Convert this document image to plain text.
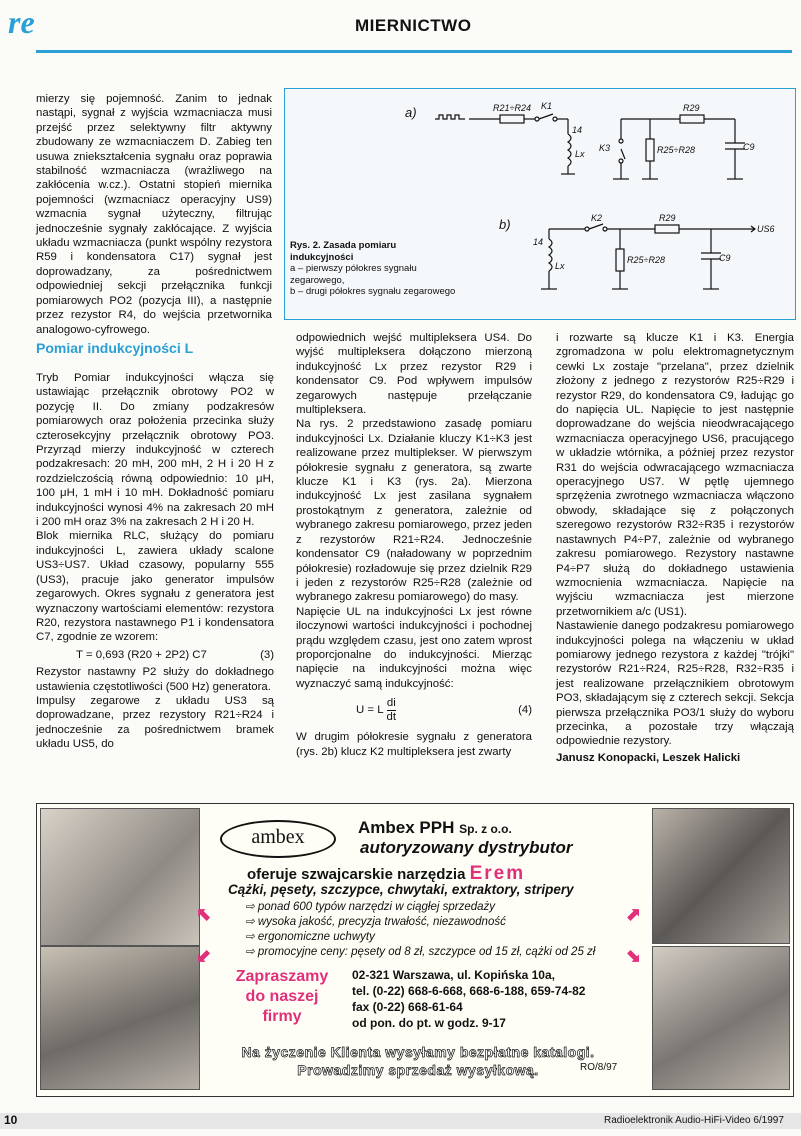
re	MIERNICTWO

mierzy się pojemność. Zanim to jednak nastąpi, sygnał z wyjścia wzmacniacza musi przejść przez selektywny filtr aktywny zbudowany ze wzmacniaczem D. Zabieg ten usuwa zniekształcenia sygnału oraz poprawia stabilność wzmacniacza (wrażliwego na zakłócenia w.cz.). Ostatni stopień miernika pojemności (wzmacniacz operacyjny US9) wzmacnia sygnał użyteczny, filtrując jednocześnie sygnały zakłócające. Z wyjścia układu wzmacniacza (punkt wspólny rezystora R59 i kondensatora C17) sygnał jest doprowadzany, za pośrednictwem odpowiedniej sekcji przełącznika funkcji pomiarowych PO2 (pozycja III), a następnie przez rezystor R4, do wejścia przetwornika analogowo-cyfrowego.

Pomiar indukcyjności L

Tryb Pomiar indukcyjności włącza się ustawiając przełącznik obrotowy PO2 w pozycję II. Do zmiany podzakresów pomiarowych oraz położenia przecinka służy czterosekcyjny przełącznik obrotowy PO3. Przyrząd mierzy indukcyjność w czterech podzakresach: 20 mH, 200 mH, 2 H i 20 H z rozdzielczością równą odpowiednio: 10 μH, 100 μH, 1 mH i 10 mH. Dokładność pomiaru indukcyjności wynosi 4% na zakresach 20 mH i 200 mH oraz 3% na zakresach 2 H i 20 H.

Blok miernika RLC, służący do pomiaru indukcyjności L, zawiera układy scalone US3÷US7. Układ czasowy, popularny 555 (US3), pracuje jako generator impulsów zegarowych. Okres sygnału z generatora jest wyznaczony wartościami elementów: rezystora R20, rezystora nastawnego P1 i kondensatora C7, zgodnie ze wzorem:

T = 0,693 (R20 + 2P2) C7	(3)

Rezystor nastawny P2 służy do dokładnego ustawienia częstotliwości (500 Hz) generatora.

Impulsy zegarowe z układu US3 są doprowadzane, przez rezystory R21÷R24 i jednocześnie za pośrednictwem bramek układu US5, do

odpowiednich wejść multipleksera US4. Do wyjść multipleksera dołączono mierzoną indukcyjność Lx przez rezystor R29 i kondensator C9. Pod wpływem impulsów zegarowych następuje przełączanie multipleksera.

Na rys. 2 przedstawiono zasadę pomiaru indukcyjności Lx. Działanie kluczy K1÷K3 jest realizowane przez multiplekser. W pierwszym półokresie sygnału z generatora, są zwarte klucze K1 i K3 (rys. 2a). Mierzona indukcyjność Lx jest zasilana sygnałem prostokątnym z generatora, zależnie od wybranego zakresu pomiarowego, przez jeden z rezystorów R21÷R24. Jednocześnie kondensator C9 (naładowany w poprzednim półokresie) rozładowuje się przez dzielnik R29 i jeden z rezystorów R25÷R28 (zależnie od wybranego zakresu pomiarowego) do masy.

Napięcie UL na indukcyjności Lx jest równe iloczynowi wartości indukcyjności i pochodnej prądu względem czasu, jest ono zatem wprost proporcjonalne do indukcyjności. Mierząc napięcie na indukcyjności można więc wyznaczyć samą indukcyjność:

U = L $\frac{di}{dt}$	(4)

W drugim półokresie sygnału z generatora (rys. 2b) klucz K2 multipleksera jest zwarty

i rozwarte są klucze K1 i K3. Energia zgromadzona w polu elektromagnetycznym cewki Lx zostaje "przelana", przez dzielnik złożony z jednego z rezystorów R25÷R29 i rezystor R29, do kondensatora C9, ładując go do napięcia UL. Napięcie to jest następnie doprowadzane do wejścia nieodwracającego wzmacniacza operacyjnego US6, pracującego w układzie wtórnika, a później przez rezystor R31 do wejścia odwracającego wzmacniacza operacyjnego US7. W pętlę ujemnego sprzężenia zwrotnego wzmacniacza włączono obwody, składające się z połączonych szeregowo rezystorów R32÷R35 i rezystorów nastawnych P4÷P7, zależnie od wybranego zakresu pomiarowego. Rezystory nastawne P4÷P7 służą do dokładnego ustawienia wzmocnienia wzmacniacza. Napięcie na wyjściu wzmacniacza jest mierzone przetwornikiem a/c (US1).

Nastawienie danego podzakresu pomiarowego indukcyjności polega na włączeniu w układ pomiarowy jednego rezystora z każdej "trójki" rezystorów R21÷R24, R25÷R28, R32÷R35 i jest realizowane przełącznikiem obrotowym PO3, składającym się z czterech sekcji. Sekcja pierwsza przełącznika PO3/1 służy do wyboru przecinka, a pozostałe trzy włączają odpowiednie rezystory.

Janusz Konopacki, Leszek Halicki

a)	R21÷R24 K1	R29
14
Lx
K3	R25÷R28	C9
b)	K2	R29
US6
14
Lx
R25÷R28	C9
Rys. 2. Zasada pomiaru indukcyjności
a – pierwszy półokres sygnału zegarowego,
b – drugi półokres sygnału zegarowego
ambex	Ambex PPH Sp. z o.o.
autoryzowany dystrybutor
oferuje szwajcarskie narzędzia Erem
Cążki, pęsety, szczypce, chwytaki, extraktory, stripery
⇨ ponad 600 typów narzędzi w ciągłej sprzedaży
⇨ wysoka jakość, precyzja trwałość, niezawodność
⇨ ergonomiczne uchwyty
⇨ promocyjne ceny: pęsety od 8 zł, szczypce od 15 zł, cążki od 25 zł
⬉
⬋
⬈
⬊
Zapraszamy do naszej firmy
02-321 Warszawa, ul. Kopińska 10a,
tel. (0-22) 668-6-668, 668-6-188, 659-74-82
fax (0-22) 668-61-64
od pon. do pt. w godz. 9-17
Na życzenie Klienta wysyłamy bezpłatne katalogi.
Prowadzimy sprzedaż wysyłkową.	RO/8/97
10	Radioelektronik Audio-HiFi-Video 6/1997
